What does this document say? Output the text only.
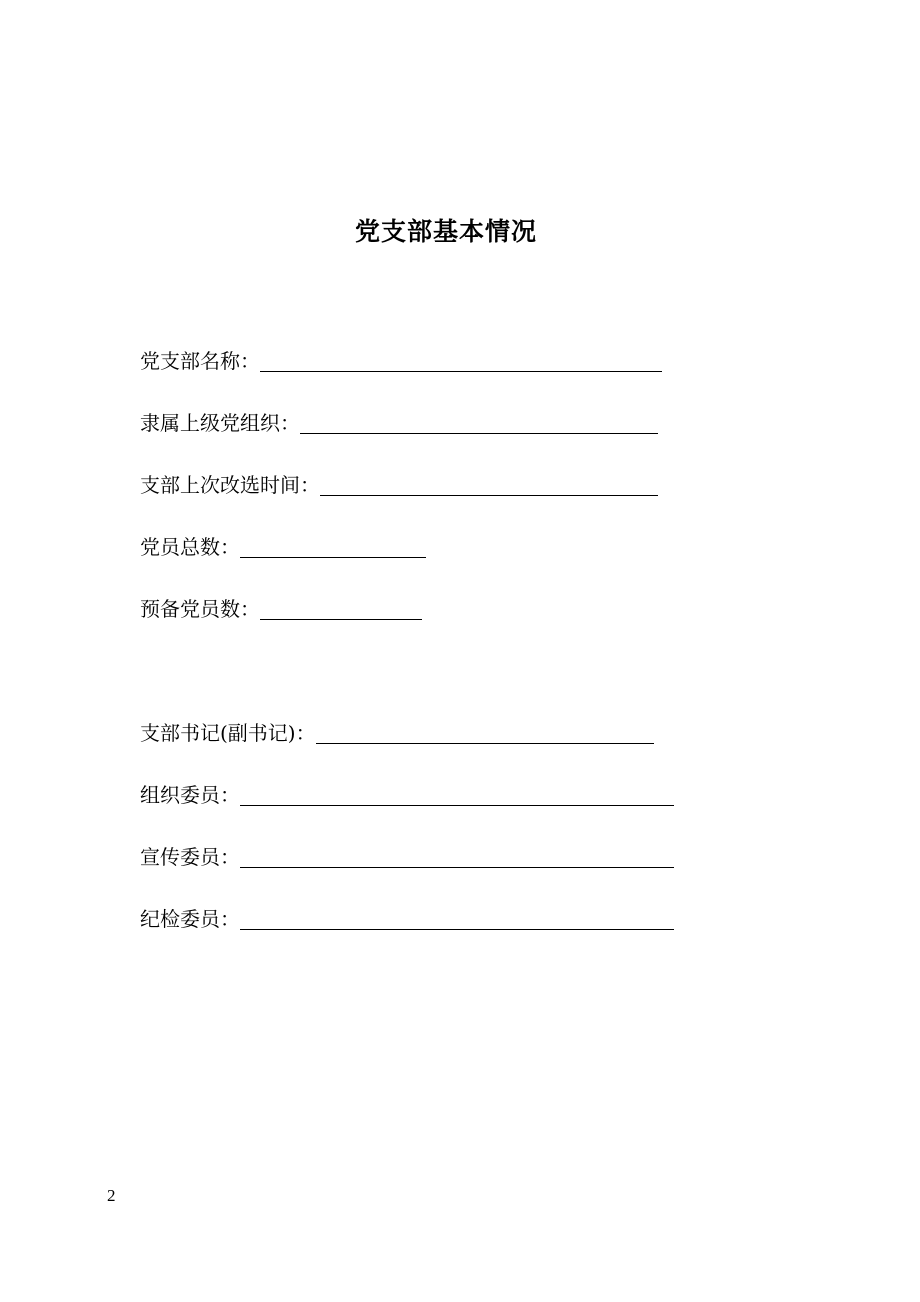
党支部基本情况
党支部名称：
隶属上级党组织：
支部上次改选时间：
党员总数：
预备党员数：
支部书记(副书记)：
组织委员：
宣传委员：
纪检委员：
2
